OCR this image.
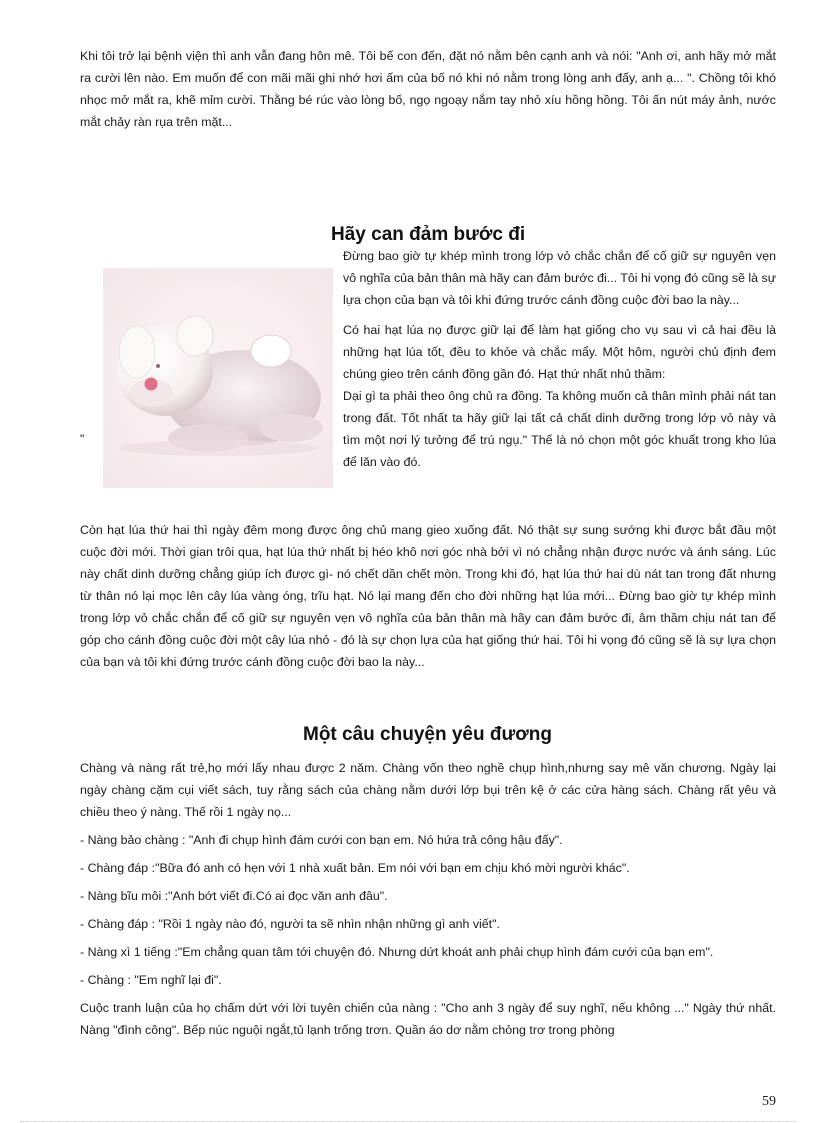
Khi tôi trở lại bệnh viện thì anh vẫn đang hôn mê. Tôi bế con đến, đặt nó nằm bên cạnh anh và nói: "Anh ơi, anh hãy mở mắt ra cười lên nào. Em muốn để con mãi mãi ghi nhớ hơi ấm của bố nó khi nó nằm trong lòng anh đấy, anh ạ... ". Chồng tôi khó nhọc mở mắt ra, khẽ mỉm cười. Thằng bé rúc vào lòng bố, ngọ ngoạy nắm tay nhỏ xíu hồng hồng. Tôi ấn nút máy ảnh, nước mắt chảy ràn rụa trên mặt...

Hãy can đảm bước đi

Đừng bao giờ tự khép mình trong lớp vỏ chắc chắn để cố giữ sự nguyên vẹn vô nghĩa của bản thân mà hãy can đảm bước đi... Tôi hi vọng đó cũng sẽ là sự lựa chọn của bạn và tôi khi đứng trước cánh đồng cuộc đời bao la này...

Có hai hạt lúa nọ được giữ lại để làm hạt giống cho vụ sau vì cả hai đều là những hạt lúa tốt, đều to khỏe và chắc mẩy. Một hôm, người chủ định đem chúng gieo trên cánh đồng gần đó. Hạt thứ nhất nhủ thầm:

Dại gì ta phải theo ông chủ ra đồng. Ta không muốn cả thân mình phải nát tan trong đất. Tốt nhất ta hãy giữ lại tất cả chất dinh dưỡng trong lớp vỏ này và tìm một nơi lý tưởng để trú ngụ." Thế là nó chọn một góc khuất trong kho lúa để lăn vào đó.

"

Còn hạt lúa thứ hai thì ngày đêm mong được ông chủ mang gieo xuống đất. Nó thật sự sung sướng khi được bắt đầu một cuộc đời mới. Thời gian trôi qua, hạt lúa thứ nhất bị héo khô nơi góc nhà bởi vì nó chẳng nhận được nước và ánh sáng. Lúc này chất dinh dưỡng chẳng giúp ích được gì- nó chết dần chết mòn. Trong khi đó, hạt lúa thứ hai dù nát tan trong đất nhưng từ thân nó lại mọc lên cây lúa vàng óng, trĩu hạt. Nó lại mang đến cho đời những hạt lúa mới... Đừng bao giờ tự khép mình trong lớp vỏ chắc chắn để cố giữ sự nguyên vẹn vô nghĩa của bản thân mà hãy can đảm bước đi, âm thầm chịu nát tan để góp cho cánh đồng cuộc đời một cây lúa nhỏ - đó là sự chọn lựa của hạt giống thứ hai. Tôi hi vọng đó cũng sẽ là sự lựa chọn của bạn và tôi khi đứng trước cánh đồng cuộc đời bao la này...

Một câu chuyện yêu đương

Chàng và nàng rất trẻ,họ mới lấy nhau được 2 năm. Chàng vốn theo nghề chụp hình,nhưng say mê văn chương. Ngày lại ngày chàng cặm cụi viết sách, tuy rằng sách của chàng nằm dưới lớp bụi trên kệ ở các cửa hàng sách. Chàng rất yêu và chiều theo ý nàng. Thế rồi 1 ngày nọ...

- Nàng bảo chàng : "Anh đi chụp hình đám cưới con bạn em. Nó hứa trả công hậu đấy".

- Chàng đáp :"Bữa đó anh có hẹn với 1 nhà xuất bản. Em nói với bạn em chịu khó mời người khác".

- Nàng bĩu môi :"Anh bớt viết đi.Có ai đọc văn anh đâu".

- Chàng đáp : "Rồi 1 ngày nào đó, người ta sẽ nhìn nhận những gì anh viết".

- Nàng xì 1 tiếng :"Em chẳng quan tâm tới chuyện đó. Nhưng dứt khoát anh phải chụp hình đám cưới của bạn em".

- Chàng : "Em nghĩ lại đi".

Cuộc tranh luận của họ chấm dứt với lời tuyên chiến của nàng : "Cho anh 3 ngày để suy nghĩ, nếu không ..." Ngày thứ nhất. Nàng "đình công". Bếp núc nguội ngắt,tủ lạnh trống trơn. Quần áo dơ nằm chỏng trơ trong phòng

59
